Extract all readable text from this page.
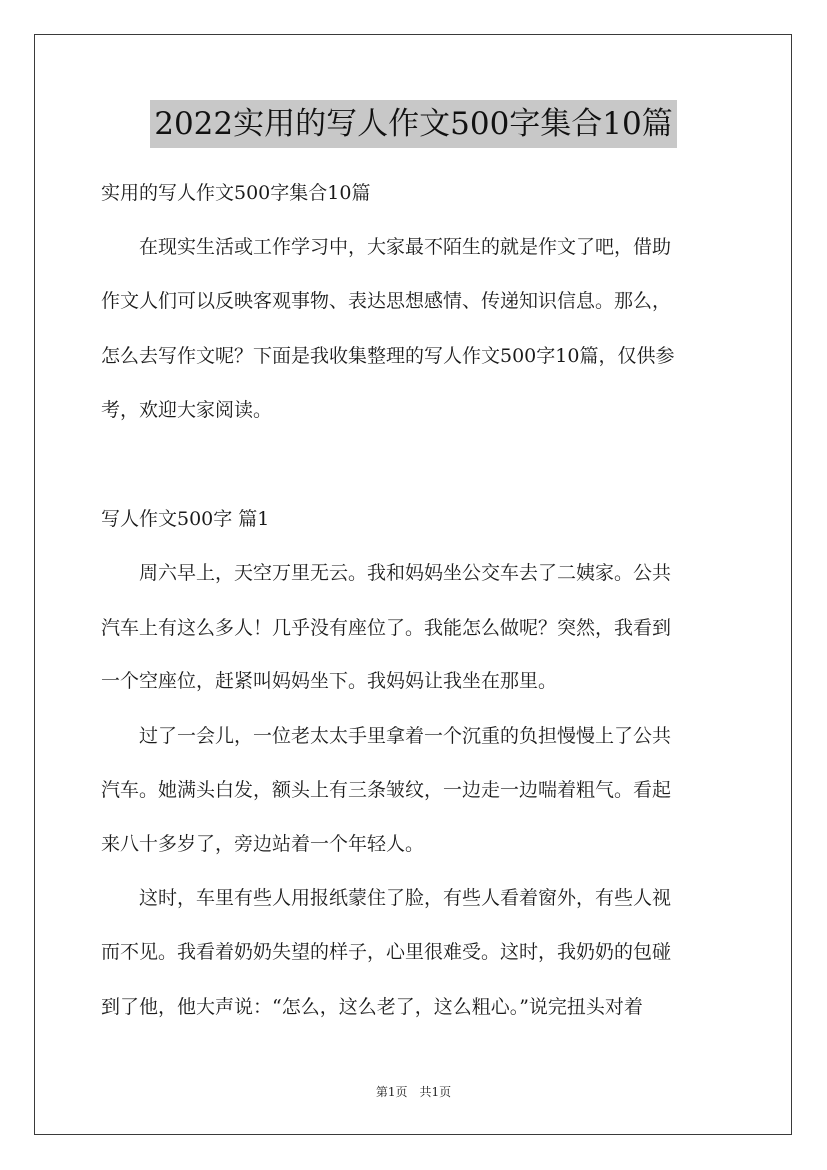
2022实用的写人作文500字集合10篇
实用的写人作文500字集合10篇
　　在现实生活或工作学习中，大家最不陌生的就是作文了吧，借助
作文人们可以反映客观事物、表达思想感情、传递知识信息。那么，
怎么去写作文呢？下面是我收集整理的写人作文500字10篇，仅供参
考，欢迎大家阅读。
写人作文500字 篇1
　　周六早上，天空万里无云。我和妈妈坐公交车去了二姨家。公共
汽车上有这么多人！几乎没有座位了。我能怎么做呢？突然，我看到
一个空座位，赶紧叫妈妈坐下。我妈妈让我坐在那里。
　　过了一会儿，一位老太太手里拿着一个沉重的负担慢慢上了公共
汽车。她满头白发，额头上有三条皱纹，一边走一边喘着粗气。看起
来八十多岁了，旁边站着一个年轻人。
　　这时，车里有些人用报纸蒙住了脸，有些人看着窗外，有些人视
而不见。我看着奶奶失望的样子，心里很难受。这时，我奶奶的包碰
到了他，他大声说：“怎么，这么老了，这么粗心。”说完扭头对着
第1页　共1页
